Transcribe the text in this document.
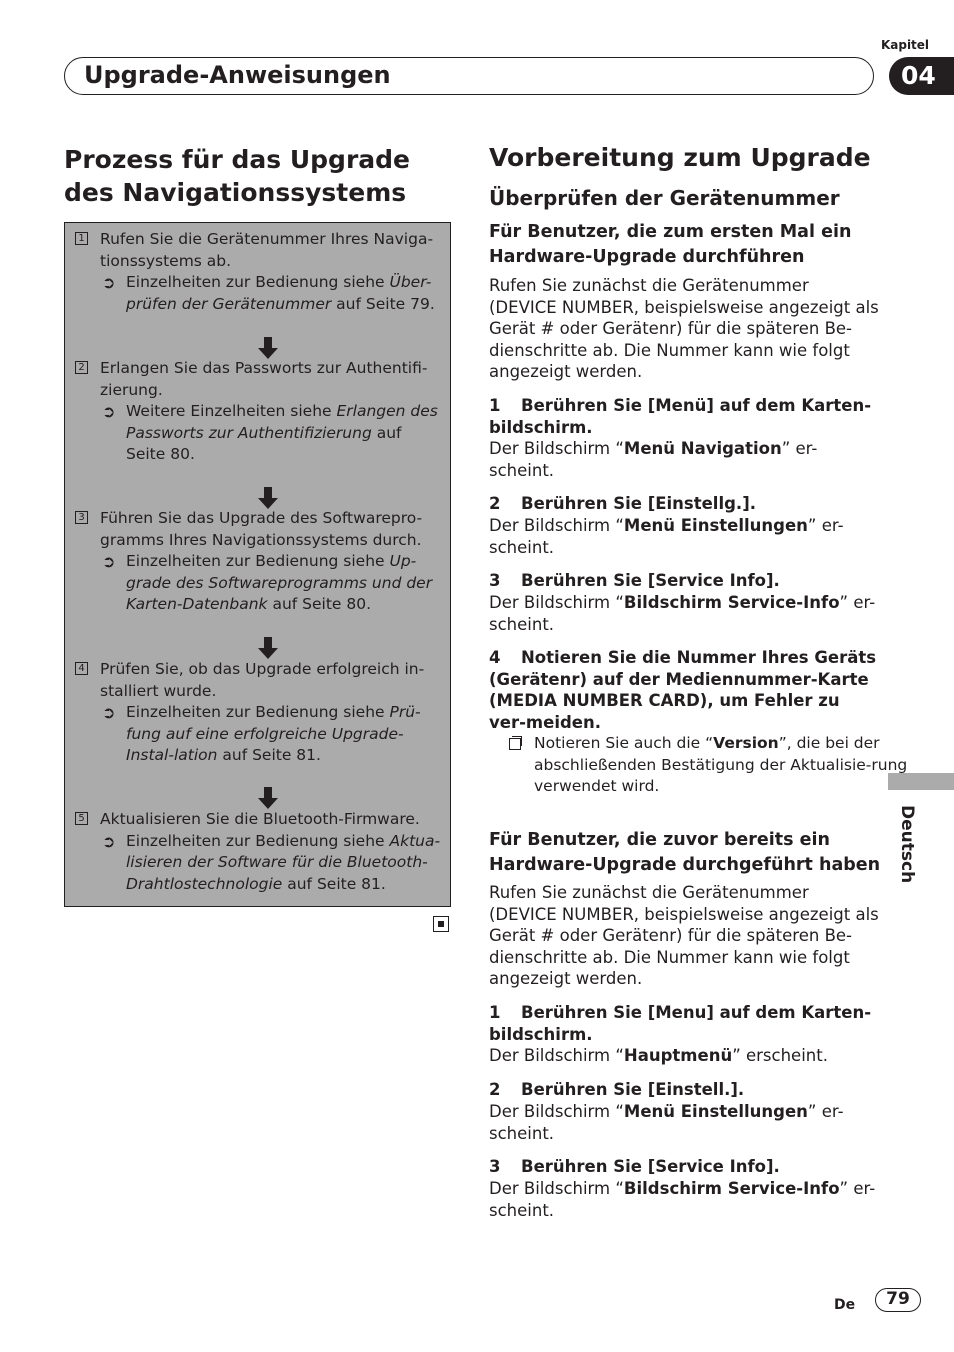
Kapitel
04
Upgrade-Anweisungen
Prozess für das Upgrade des Navigationssystems
1 Rufen Sie die Gerätenummer Ihres Naviga-tionssystems ab.
➲ Einzelheiten zur Bedienung siehe Über-prüfen der Gerätenummer auf Seite 79.
2 Erlangen Sie das Passworts zur Authentifi-zierung.
➲ Weitere Einzelheiten siehe Erlangen des Passworts zur Authentifizierung auf Seite 80.
3 Führen Sie das Upgrade des Softwarepro-gramms Ihres Navigationssystems durch.
➲ Einzelheiten zur Bedienung siehe Up-grade des Softwareprogramms und der Karten-Datenbank auf Seite 80.
4 Prüfen Sie, ob das Upgrade erfolgreich in-stalliert wurde.
➲ Einzelheiten zur Bedienung siehe Prü-fung auf eine erfolgreiche Upgrade-Instal-lation auf Seite 81.
5 Aktualisieren Sie die Bluetooth-Firmware.
➲ Einzelheiten zur Bedienung siehe Aktua-lisieren der Software für die Bluetooth-Drahtlostechnologie auf Seite 81.
Vorbereitung zum Upgrade
Überprüfen der Gerätenummer
Für Benutzer, die zum ersten Mal ein Hardware-Upgrade durchführen
Rufen Sie zunächst die Gerätenummer (DEVICE NUMBER, beispielsweise angezeigt als Gerät # oder Gerätenr) für die späteren Be-dienschritte ab. Die Nummer kann wie folgt angezeigt werden.
1 Berühren Sie [Menü] auf dem Karten-bildschirm.
Der Bildschirm “Menü Navigation” er-scheint.
2 Berühren Sie [Einstellg.].
Der Bildschirm “Menü Einstellungen” er-scheint.
3 Berühren Sie [Service Info].
Der Bildschirm “Bildschirm Service-Info” er-scheint.
4 Notieren Sie die Nummer Ihres Geräts (Gerätenr) auf der Mediennummer-Karte (MEDIA NUMBER CARD), um Fehler zu ver-meiden.
Notieren Sie auch die “Version”, die bei der abschließenden Bestätigung der Aktualisie-rung verwendet wird.
Für Benutzer, die zuvor bereits ein Hardware-Upgrade durchgeführt haben
Rufen Sie zunächst die Gerätenummer (DEVICE NUMBER, beispielsweise angezeigt als Gerät # oder Gerätenr) für die späteren Be-dienschritte ab. Die Nummer kann wie folgt angezeigt werden.
1 Berühren Sie [Menu] auf dem Karten-bildschirm.
Der Bildschirm “Hauptmenü” erscheint.
2 Berühren Sie [Einstell.].
Der Bildschirm “Menü Einstellungen” er-scheint.
3 Berühren Sie [Service Info].
Der Bildschirm “Bildschirm Service-Info” er-scheint.
Deutsch
De	79
